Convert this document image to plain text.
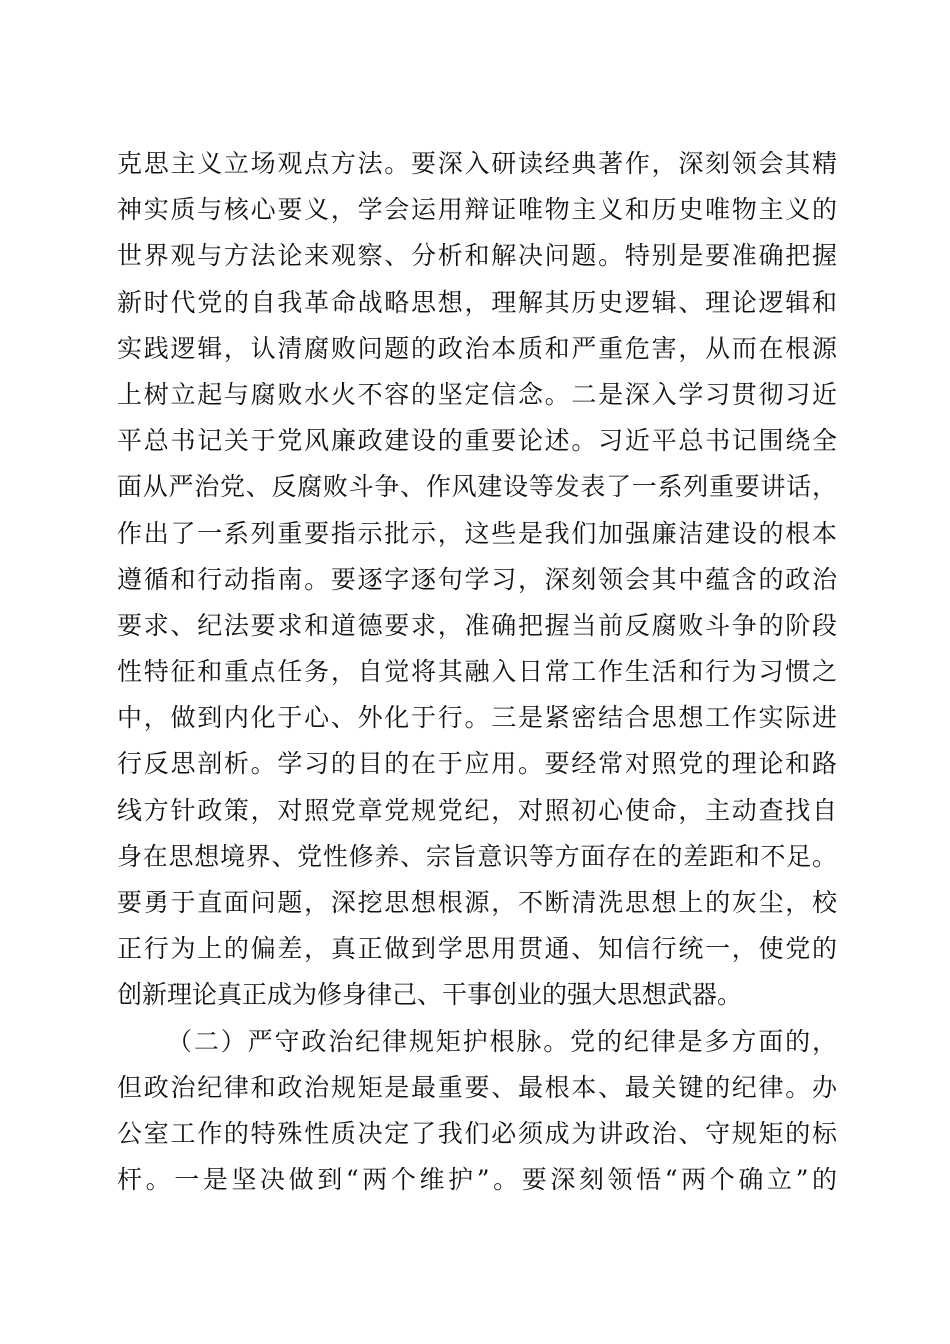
克思主义立场观点方法。要深入研读经典著作，深刻领会其精
神实质与核心要义，学会运用辩证唯物主义和历史唯物主义的
世界观与方法论来观察、分析和解决问题。特别是要准确把握
新时代党的自我革命战略思想，理解其历史逻辑、理论逻辑和
实践逻辑，认清腐败问题的政治本质和严重危害，从而在根源
上树立起与腐败水火不容的坚定信念。二是深入学习贯彻习近
平总书记关于党风廉政建设的重要论述。习近平总书记围绕全
面从严治党、反腐败斗争、作风建设等发表了一系列重要讲话，
作出了一系列重要指示批示，这些是我们加强廉洁建设的根本
遵循和行动指南。要逐字逐句学习，深刻领会其中蕴含的政治
要求、纪法要求和道德要求，准确把握当前反腐败斗争的阶段
性特征和重点任务，自觉将其融入日常工作生活和行为习惯之
中，做到内化于心、外化于行。三是紧密结合思想工作实际进
行反思剖析。学习的目的在于应用。要经常对照党的理论和路
线方针政策，对照党章党规党纪，对照初心使命，主动查找自
身在思想境界、党性修养、宗旨意识等方面存在的差距和不足。
要勇于直面问题，深挖思想根源，不断清洗思想上的灰尘，校
正行为上的偏差，真正做到学思用贯通、知信行统一，使党的
创新理论真正成为修身律己、干事创业的强大思想武器。
（二）严守政治纪律规矩护根脉。党的纪律是多方面的，
但政治纪律和政治规矩是最重要、最根本、最关键的纪律。办
公室工作的特殊性质决定了我们必须成为讲政治、守规矩的标
杆。一是坚决做到“两个维护”。要深刻领悟“两个确立”的
